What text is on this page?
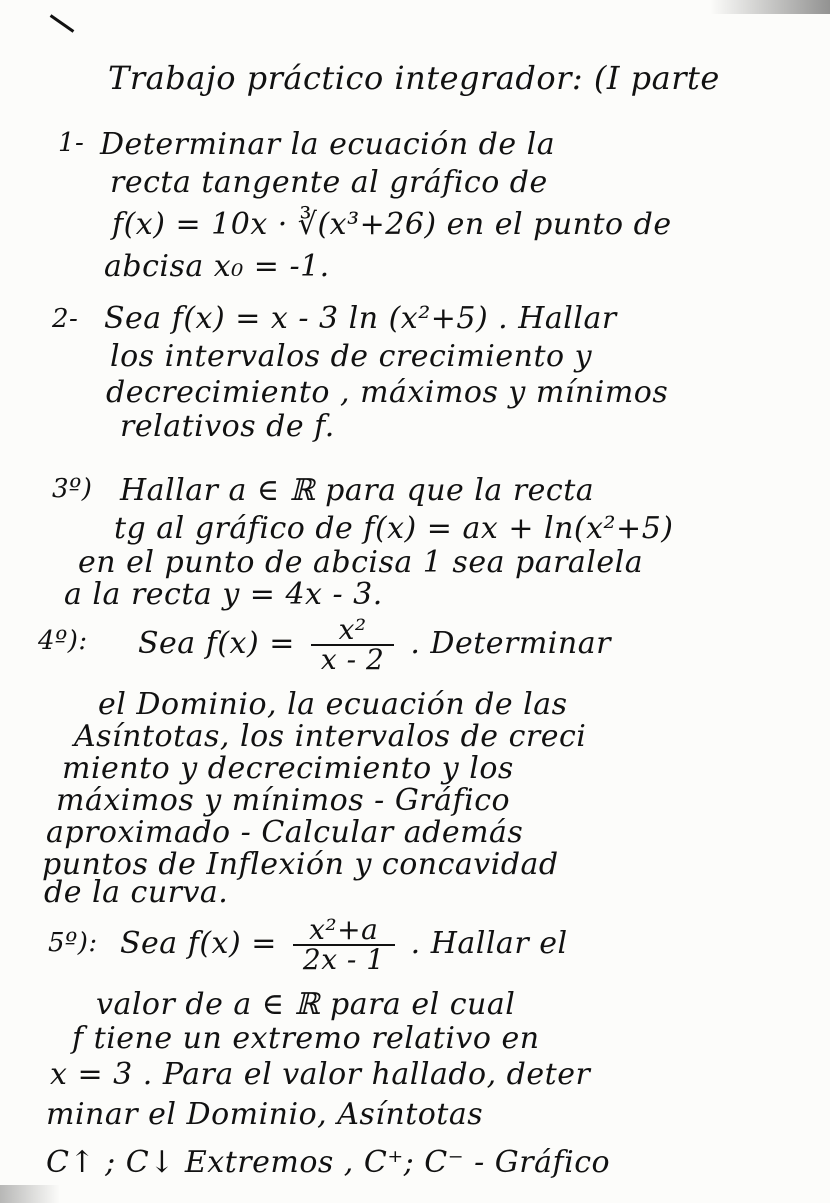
Trabajo práctico integrador: (I parte
1- Determinar la ecuación de la
recta tangente al gráfico de
f(x) = 10x · ∛(x³+26) en el punto de
abcisa x₀ = -1.
2- Sea f(x) = x - 3 ln (x²+5) . Hallar
los intervalos de crecimiento y
decrecimiento , máximos y mínimos
relativos de f.
3º) Hallar a ∈ ℝ para que la recta
tg al gráfico de f(x) = ax + ln(x²+5)
en el punto de abcisa 1 sea paralela
a la recta y = 4x - 3.
4º): Sea $f(x) = \frac{\text{x²}}{x - 2}$ . Determinar
el Dominio, la ecuación de las
Asíntotas, los intervalos de creci
miento y decrecimiento y los
máximos y mínimos - Gráfico
aproximado - Calcular además
puntos de Inflexión y concavidad
de la curva.
5º): Sea $f(x) = \frac{\text{x²+a}}{2x - 1}$ . Hallar el
valor de a ∈ ℝ para el cual
f tiene un extremo relativo en
x = 3 . Para el valor hallado, deter
minar el Dominio, Asíntotas
C↑ ; C↓ Extremos , C⁺; C⁻ - Gráfico
